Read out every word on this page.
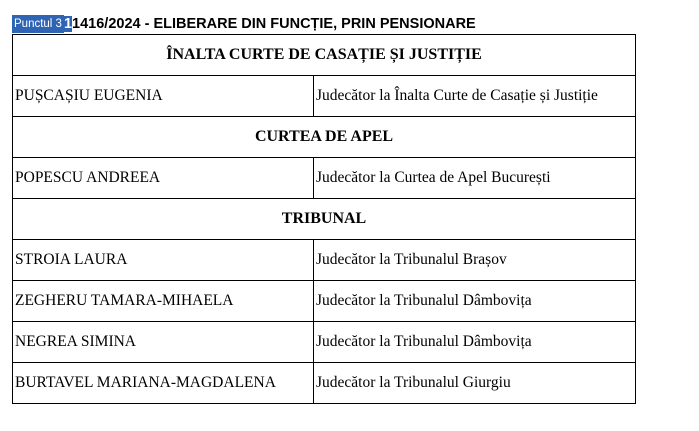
Punctul 3 1 1416/2024 - ELIBERARE DIN FUNCȚIE, PRIN PENSIONARE
ÎNALTA CURTE DE CASAȚIE ȘI JUSTIȚIE	
PUȘCAȘIU EUGENIA	Judecător la Înalta Curte de Casație și Justiție
CURTEA DE APEL	
POPESCU ANDREEA	Judecător la Curtea de Apel București
TRIBUNAL	
STROIA LAURA	Judecător la Tribunalul Brașov
ZEGHERU TAMARA-MIHAELA	Judecător la Tribunalul Dâmbovița
NEGREA SIMINA	Judecător la Tribunalul Dâmbovița
BURTAVEL MARIANA-MAGDALENA	Judecător la Tribunalul Giurgiu
